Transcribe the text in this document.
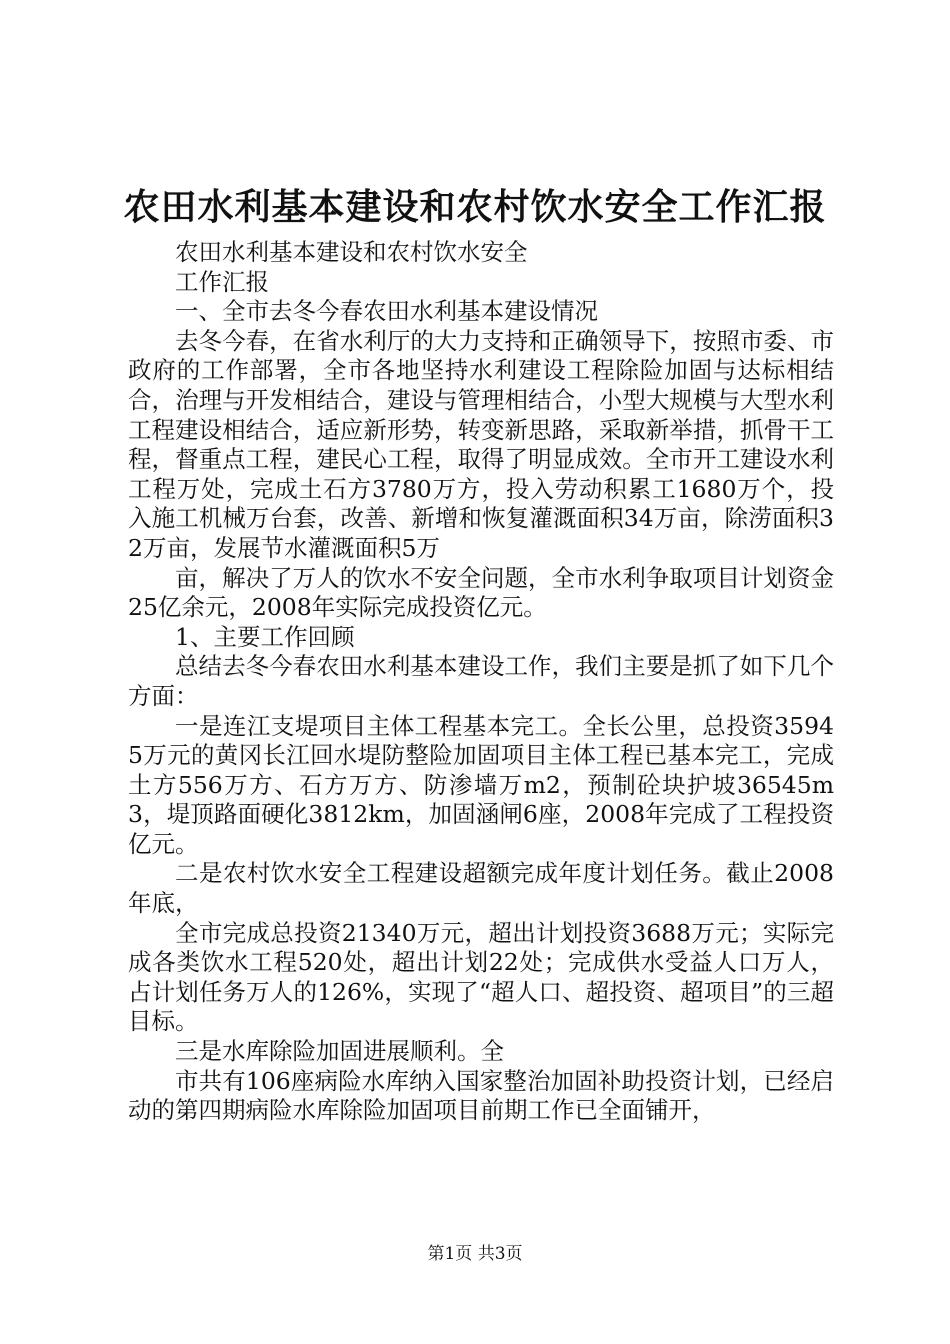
农田水利基本建设和农村饮水安全工作汇报

农田水利基本建设和农村饮水安全

工作汇报

一、全市去冬今春农田水利基本建设情况

去冬今春，在省水利厅的大力支持和正确领导下，按照市委、市政府的工作部署，全市各地坚持水利建设工程除险加固与达标相结合，治理与开发相结合，建设与管理相结合，小型大规模与大型水利工程建设相结合，适应新形势，转变新思路，采取新举措，抓骨干工程，督重点工程，建民心工程，取得了明显成效。全市开工建设水利工程万处，完成土石方3780万方，投入劳动积累工1680万个，投入施工机械万台套，改善、新增和恢复灌溉面积34万亩，除涝面积32万亩，发展节水灌溉面积5万

亩，解决了万人的饮水不安全问题，全市水利争取项目计划资金25亿余元，2008年实际完成投资亿元。

1、主要工作回顾

总结去冬今春农田水利基本建设工作，我们主要是抓了如下几个方面：

一是连江支堤项目主体工程基本完工。全长公里，总投资35945万元的黄冈长江回水堤防整险加固项目主体工程已基本完工，完成土方556万方、石方万方、防渗墙万m2，预制砼块护坡36545m3，堤顶路面硬化3812km，加固涵闸6座，2008年完成了工程投资亿元。

二是农村饮水安全工程建设超额完成年度计划任务。截止2008年底，

全市完成总投资21340万元，超出计划投资3688万元；实际完成各类饮水工程520处，超出计划22处；完成供水受益人口万人，占计划任务万人的126%，实现了“超人口、超投资、超项目”的三超目标。

三是水库除险加固进展顺利。全

市共有106座病险水库纳入国家整治加固补助投资计划，已经启动的第四期病险水库除险加固项目前期工作已全面铺开，

第1页 共3页
